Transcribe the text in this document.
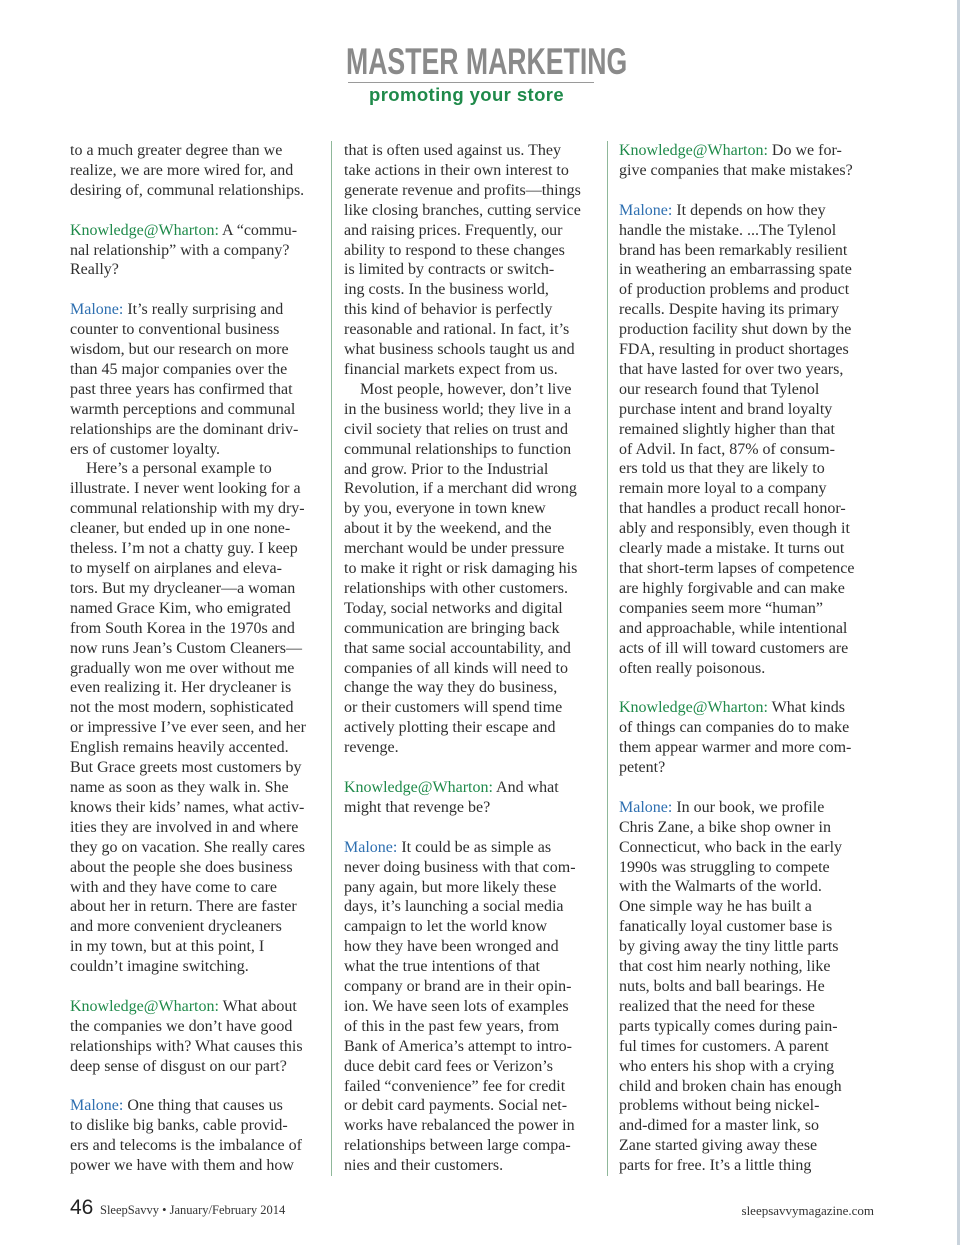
MASTER MARKETING
promoting your store

to a much greater degree than we
realize, we are more wired for, and
desiring of, communal relationships.

Knowledge@Wharton: A “commu-
nal relationship” with a company?
Really?

Malone: It’s really surprising and
counter to conventional business
wisdom, but our research on more
than 45 major companies over the
past three years has confirmed that
warmth perceptions and communal
relationships are the dominant driv-
ers of customer loyalty.

Here’s a personal example to
illustrate. I never went looking for a
communal relationship with my dry-
cleaner, but ended up in one none-
theless. I’m not a chatty guy. I keep
to myself on airplanes and eleva-
tors. But my drycleaner—a woman
named Grace Kim, who emigrated
from South Korea in the 1970s and
now runs Jean’s Custom Cleaners—
gradually won me over without me
even realizing it. Her drycleaner is
not the most modern, sophisticated
or impressive I’ve ever seen, and her
English remains heavily accented.
But Grace greets most customers by
name as soon as they walk in. She
knows their kids’ names, what activ-
ities they are involved in and where
they go on vacation. She really cares
about the people she does business
with and they have come to care
about her in return. There are faster
and more convenient drycleaners
in my town, but at this point, I
couldn’t imagine switching.

Knowledge@Wharton: What about
the companies we don’t have good
relationships with? What causes this
deep sense of disgust on our part?

Malone: One thing that causes us
to dislike big banks, cable provid-
ers and telecoms is the imbalance of
power we have with them and how

that is often used against us. They
take actions in their own interest to
generate revenue and profits—things
like closing branches, cutting service
and raising prices. Frequently, our
ability to respond to these changes
is limited by contracts or switch-
ing costs. In the business world,
this kind of behavior is perfectly
reasonable and rational. In fact, it’s
what business schools taught us and
financial markets expect from us.

Most people, however, don’t live
in the business world; they live in a
civil society that relies on trust and
communal relationships to function
and grow. Prior to the Industrial
Revolution, if a merchant did wrong
by you, everyone in town knew
about it by the weekend, and the
merchant would be under pressure
to make it right or risk damaging his
relationships with other customers.
Today, social networks and digital
communication are bringing back
that same social accountability, and
companies of all kinds will need to
change the way they do business,
or their customers will spend time
actively plotting their escape and
revenge.

Knowledge@Wharton: And what
might that revenge be?

Malone: It could be as simple as
never doing business with that com-
pany again, but more likely these
days, it’s launching a social media
campaign to let the world know
how they have been wronged and
what the true intentions of that
company or brand are in their opin-
ion. We have seen lots of examples
of this in the past few years, from
Bank of America’s attempt to intro-
duce debit card fees or Verizon’s
failed “convenience” fee for credit
or debit card payments. Social net-
works have rebalanced the power in
relationships between large compa-
nies and their customers.

Knowledge@Wharton: Do we for-
give companies that make mistakes?

Malone: It depends on how they
handle the mistake. ...The Tylenol
brand has been remarkably resilient
in weathering an embarrassing spate
of production problems and product
recalls. Despite having its primary
production facility shut down by the
FDA, resulting in product shortages
that have lasted for over two years,
our research found that Tylenol
purchase intent and brand loyalty
remained slightly higher than that
of Advil. In fact, 87% of consum-
ers told us that they are likely to
remain more loyal to a company
that handles a product recall honor-
ably and responsibly, even though it
clearly made a mistake. It turns out
that short-term lapses of competence
are highly forgivable and can make
companies seem more “human”
and approachable, while intentional
acts of ill will toward customers are
often really poisonous.

Knowledge@Wharton: What kinds
of things can companies do to make
them appear warmer and more com-
petent?

Malone: In our book, we profile
Chris Zane, a bike shop owner in
Connecticut, who back in the early
1990s was struggling to compete
with the Walmarts of the world.
One simple way he has built a
fanatically loyal customer base is
by giving away the tiny little parts
that cost him nearly nothing, like
nuts, bolts and ball bearings. He
realized that the need for these
parts typically comes during pain-
ful times for customers. A parent
who enters his shop with a crying
child and broken chain has enough
problems without being nickel-
and-dimed for a master link, so
Zane started giving away these
parts for free. It’s a little thing

46 SleepSavvy • January/February 2014	sleepsavvymagazine.com
